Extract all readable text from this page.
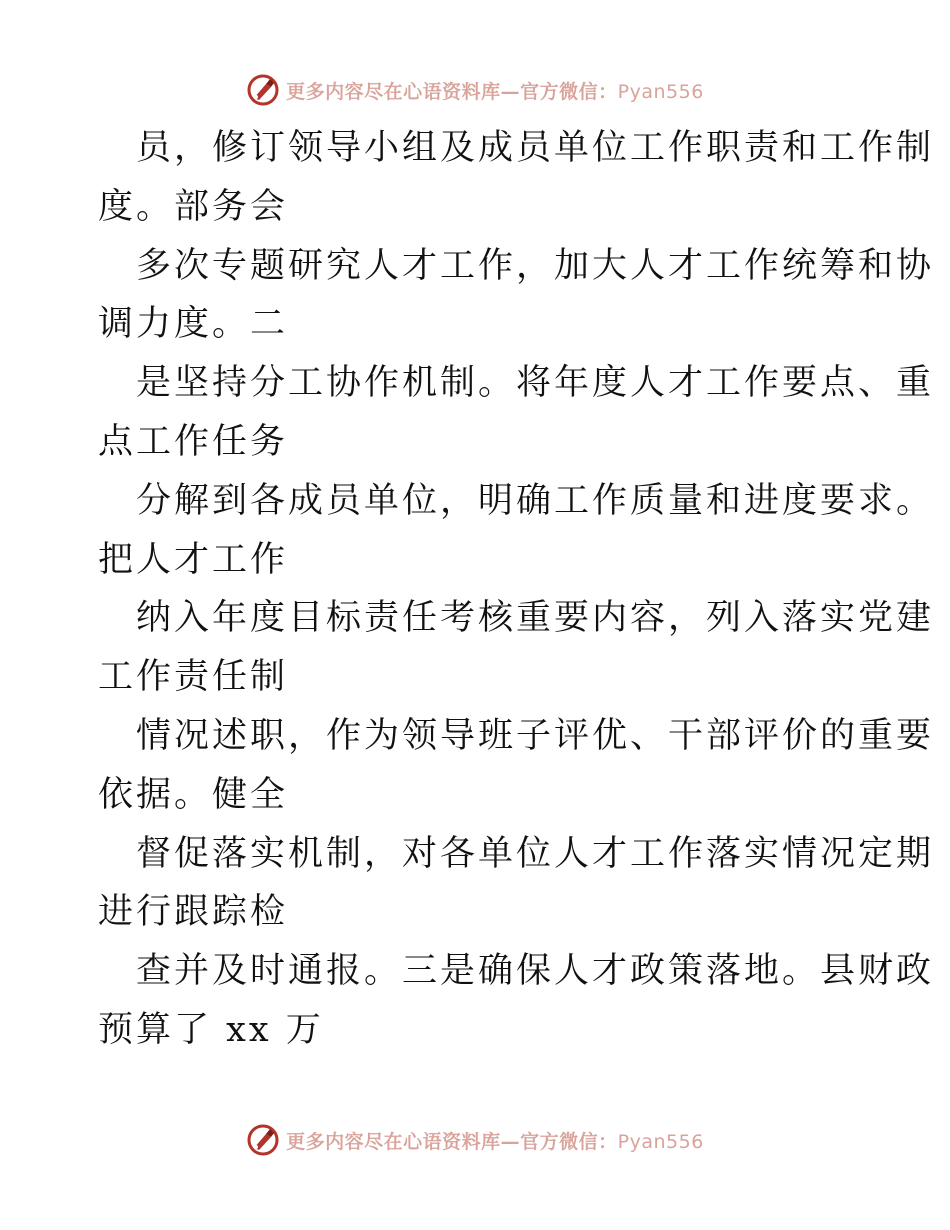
更多内容尽在心语资料库—官方微信：Pyan556
员，修订领导小组及成员单位工作职责和工作制
度。部务会
多次专题研究人才工作，加大人才工作统筹和协
调力度。二
是坚持分工协作机制。将年度人才工作要点、重
点工作任务
分解到各成员单位，明确工作质量和进度要求。
把人才工作
纳入年度目标责任考核重要内容，列入落实党建
工作责任制
情况述职，作为领导班子评优、干部评价的重要
依据。健全
督促落实机制，对各单位人才工作落实情况定期
进行跟踪检
查并及时通报。三是确保人才政策落地。县财政
预算了 xx 万
更多内容尽在心语资料库—官方微信：Pyan556
